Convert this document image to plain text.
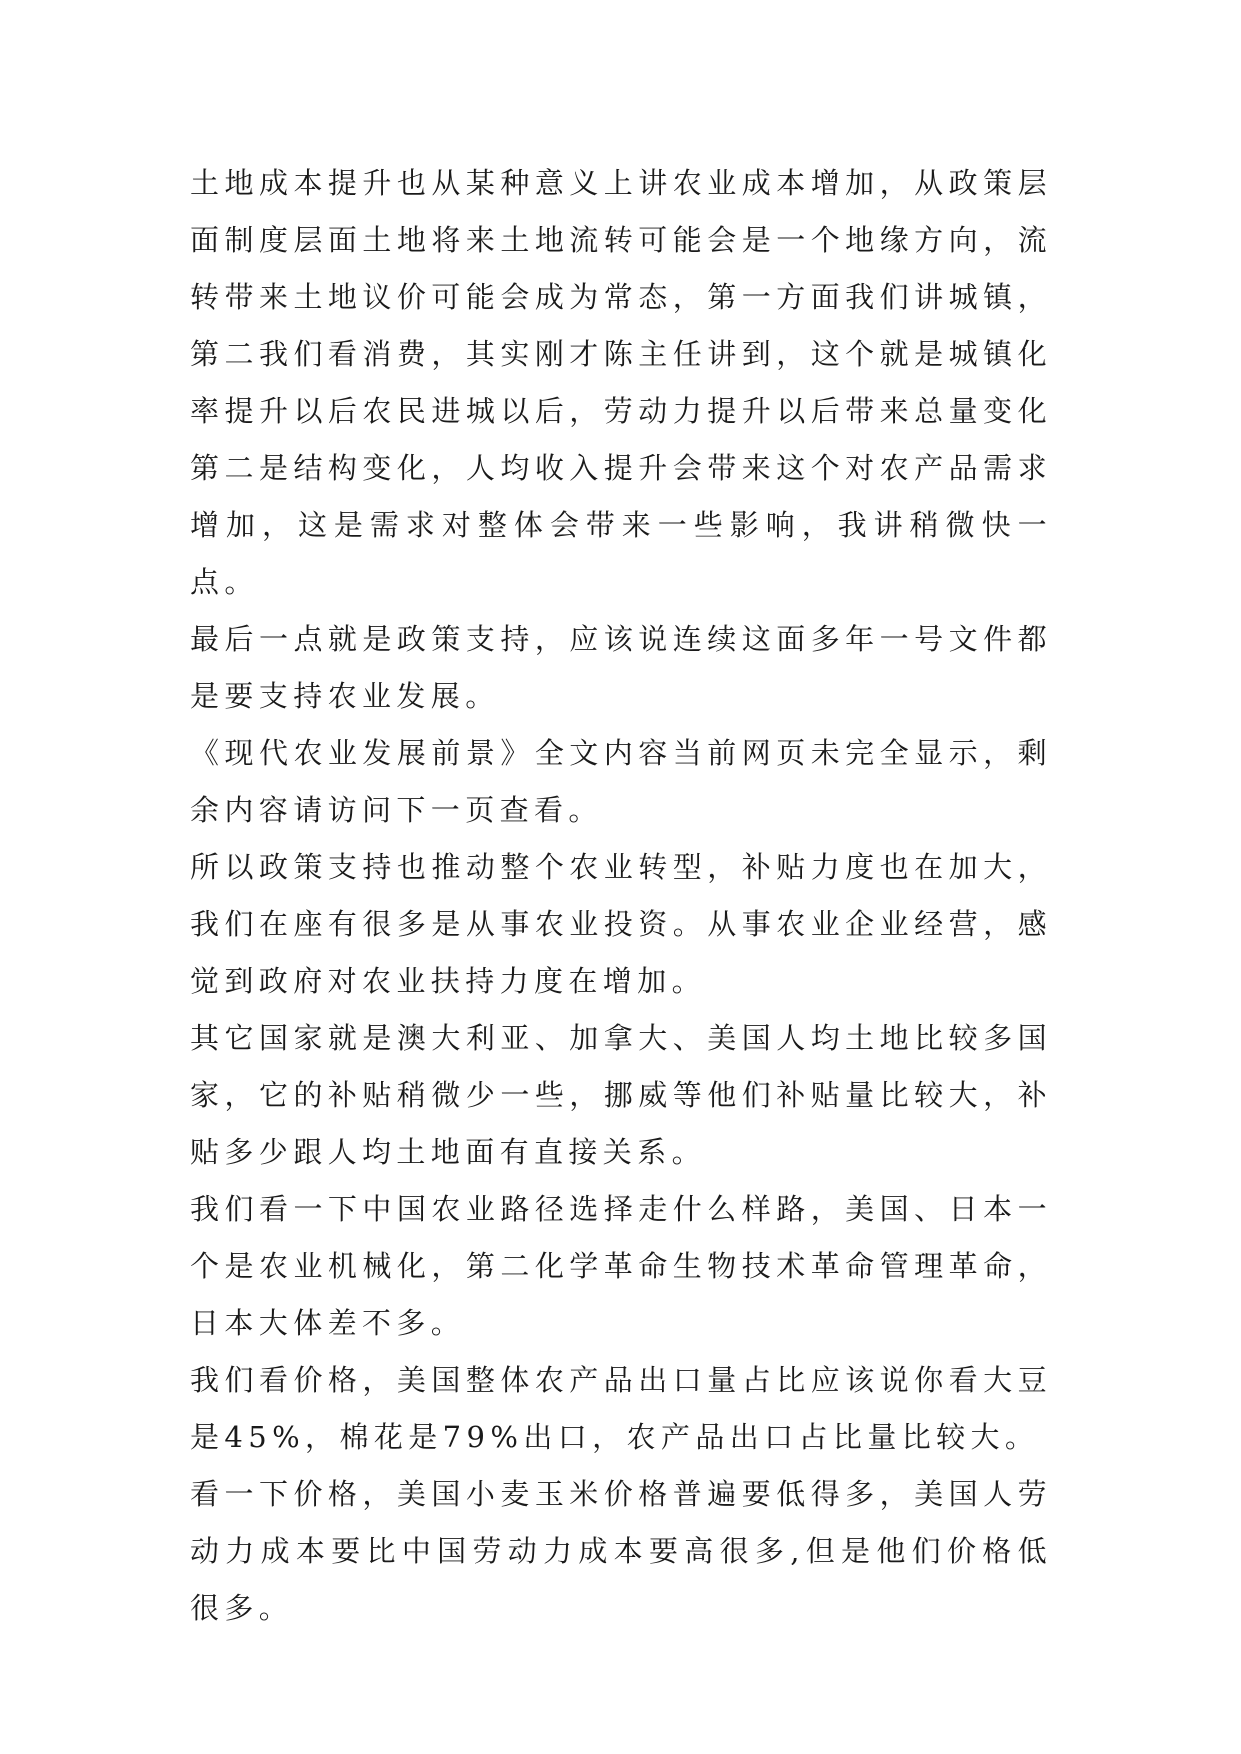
土地成本提升也从某种意义上讲农业成本增加，从政策层面制度层面土地将来土地流转可能会是一个地缘方向，流转带来土地议价可能会成为常态，第一方面我们讲城镇，第二我们看消费，其实刚才陈主任讲到，这个就是城镇化率提升以后农民进城以后，劳动力提升以后带来总量变化第二是结构变化，人均收入提升会带来这个对农产品需求增加，这是需求对整体会带来一些影响，我讲稍微快一点。

最后一点就是政策支持，应该说连续这面多年一号文件都是要支持农业发展。

《现代农业发展前景》全文内容当前网页未完全显示，剩余内容请访问下一页查看。

所以政策支持也推动整个农业转型，补贴力度也在加大，我们在座有很多是从事农业投资。从事农业企业经营，感觉到政府对农业扶持力度在增加。

其它国家就是澳大利亚、加拿大、美国人均土地比较多国家，它的补贴稍微少一些，挪威等他们补贴量比较大，补贴多少跟人均土地面有直接关系。

我们看一下中国农业路径选择走什么样路，美国、日本一个是农业机械化，第二化学革命生物技术革命管理革命，日本大体差不多。

我们看价格，美国整体农产品出口量占比应该说你看大豆是45%，棉花是79%出口，农产品出口占比量比较大。

看一下价格，美国小麦玉米价格普遍要低得多，美国人劳动力成本要比中国劳动力成本要高很多,但是他们价格低很多。
